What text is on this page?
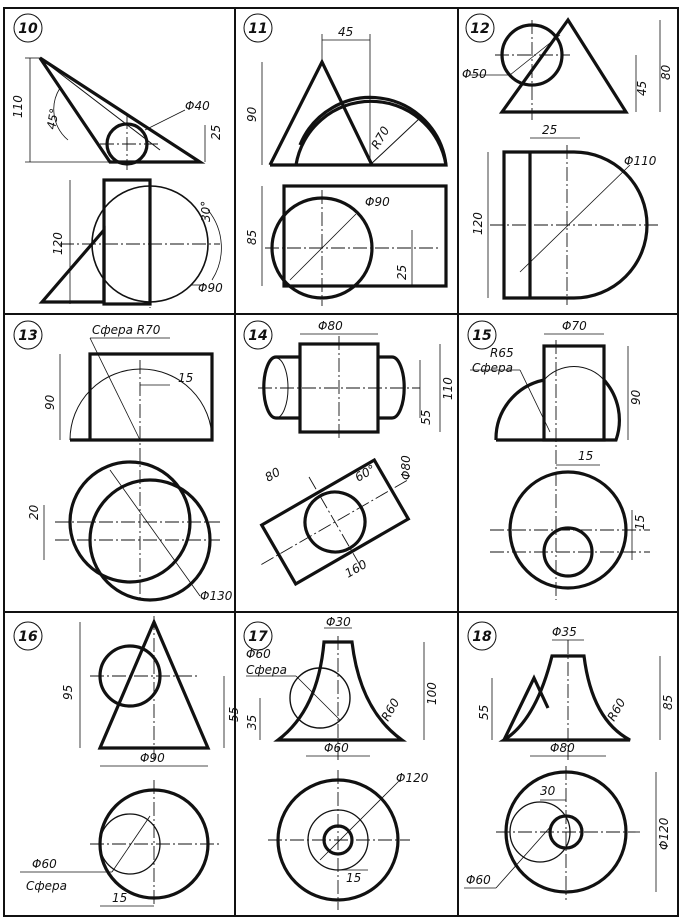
10
110
45°
Φ40
25
120
30°
Φ90
11	45
90
R70
Φ90
85
25
12
Φ50	80
45
Φ110
25
120
13	Сфера R70
15
90
20
Φ130
14
Φ80
110
55
80	60° Φ80
160
15
Φ70
R65
Сфера
90
15
15
16
95
55
Φ90
Φ60
Сфера
15
17
Φ30
Φ60
Сфера
100
35	R60
Φ60
Φ120
15
18	Φ35
55	R60	85
Φ80
30
Φ120
Φ60
